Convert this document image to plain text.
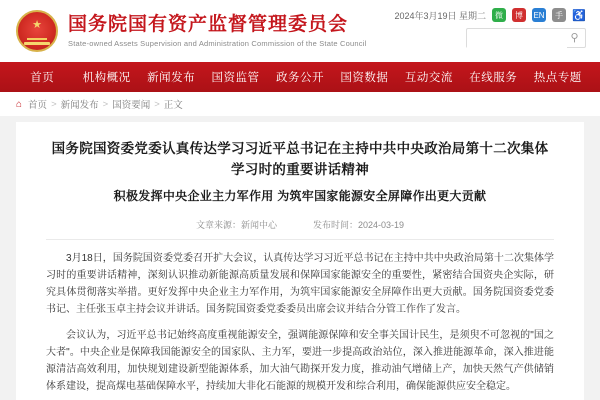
★ 国务院国有资产监督管理委员会
State-owned Assets Supervision and Administration Commission of the State Council
2024年3月19日 星期二	微	博	EN	手 ♿
⚲
首页	机构概况	新闻发布	国资监管	政务公开	国资数据	互动交流	在线服务	热点专题
⌂ 首页 > 新闻发布 > 国资要闻 > 正文
国务院国资委党委认真传达学习习近平总书记在主持中共中央政治局第十二次集体学习时的重要讲话精神
积极发挥中央企业主力军作用 为筑牢国家能源安全屏障作出更大贡献
文章来源：新闻中心	发布时间：2024-03-19

3月18日，国务院国资委党委召开扩大会议，认真传达学习习近平总书记在主持中共中央政治局第十二次集体学习时的重要讲话精神，深刻认识推动新能源高质量发展和保障国家能源安全的重要性，紧密结合国资央企实际，研究具体贯彻落实举措。更好发挥中央企业主力军作用，为筑牢国家能源安全屏障作出更大贡献。国务院国资委党委书记、主任张玉卓主持会议并讲话。国务院国资委党委委员出席会议并结合分管工作作了发言。

会议认为，习近平总书记始终高度重视能源安全，强调能源保障和安全事关国计民生，是须臾不可忽视的"国之大者"。中央企业是保障我国能源安全的国家队、主力军，要进一步提高政治站位，深入推进能源革命，深入推进能源清洁高效利用，加快规划建设新型能源体系，加大油气勘探开发力度，推动油气增储上产，加快天然气产供储销体系建设，提高煤电基础保障水平，持续加大非化石能源的规模开发和综合利用，确保能源供应安全稳定。
